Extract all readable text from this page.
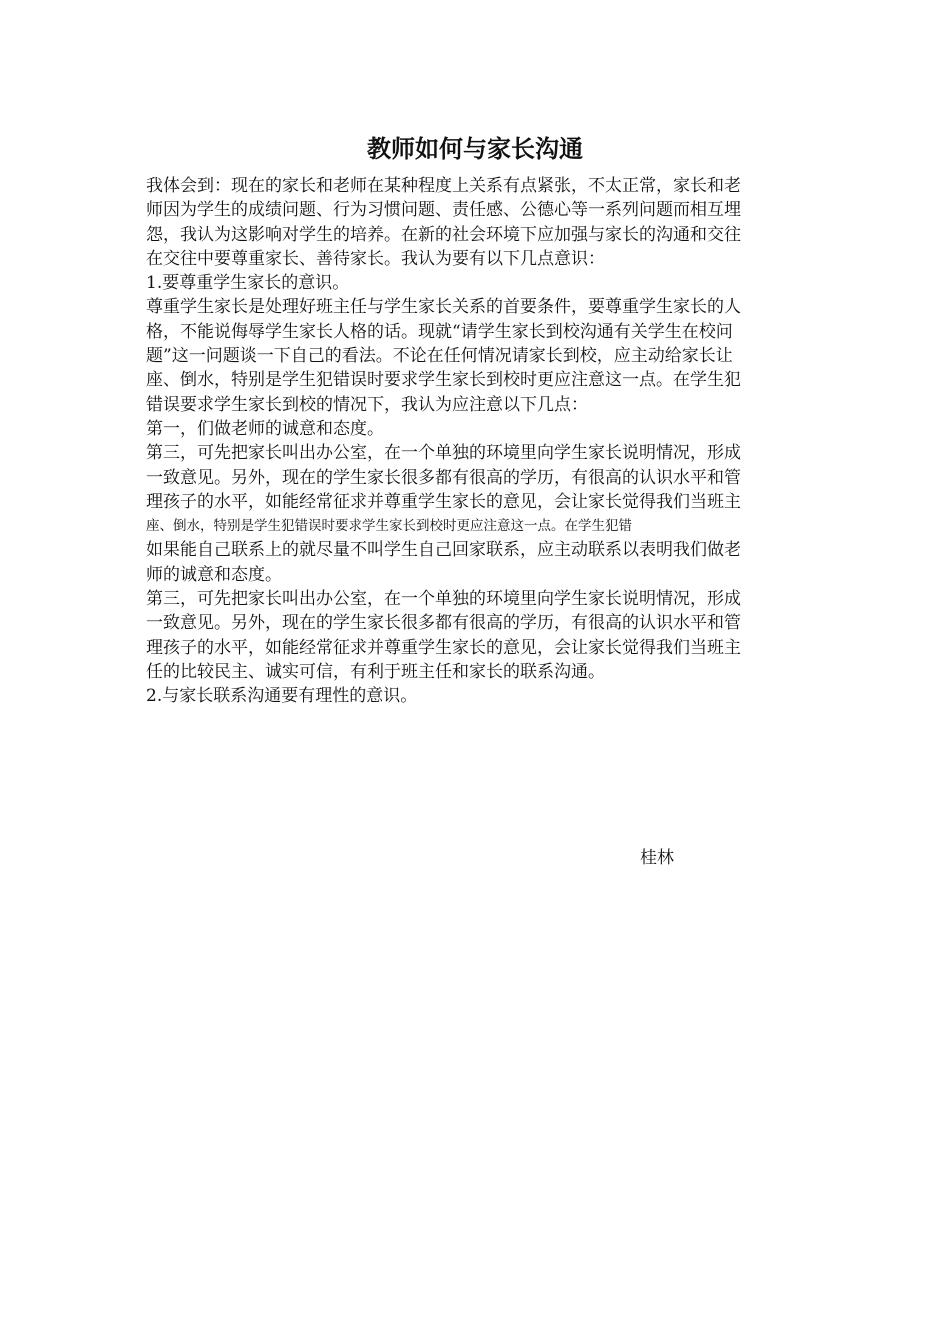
教师如何与家长沟通
我体会到：现在的家长和老师在某种程度上关系有点紧张，不太正常，家长和老
师因为学生的成绩问题、行为习惯问题、责任感、公德心等一系列问题而相互埋
怨，我认为这影响对学生的培养。在新的社会环境下应加强与家长的沟通和交往
在交往中要尊重家长、善待家长。我认为要有以下几点意识：
1.要尊重学生家长的意识。
尊重学生家长是处理好班主任与学生家长关系的首要条件，要尊重学生家长的人
格，不能说侮辱学生家长人格的话。现就“请学生家长到校沟通有关学生在校问
题”这一问题谈一下自己的看法。不论在任何情况请家长到校，应主动给家长让
座、倒水，特别是学生犯错误时要求学生家长到校时更应注意这一点。在学生犯
错误要求学生家长到校的情况下，我认为应注意以下几点：
第一，们做老师的诚意和态度。
第三，可先把家长叫出办公室，在一个单独的环境里向学生家长说明情况，形成
一致意见。另外，现在的学生家长很多都有很高的学历，有很高的认识水平和管
理孩子的水平，如能经常征求并尊重学生家长的意见，会让家长觉得我们当班主
座、倒水，特别是学生犯错误时要求学生家长到校时更应注意这一点。在学生犯错
如果能自己联系上的就尽量不叫学生自己回家联系，应主动联系以表明我们做老
师的诚意和态度。
第三，可先把家长叫出办公室，在一个单独的环境里向学生家长说明情况，形成
一致意见。另外，现在的学生家长很多都有很高的学历，有很高的认识水平和管
理孩子的水平，如能经常征求并尊重学生家长的意见，会让家长觉得我们当班主
任的比较民主、诚实可信，有利于班主任和家长的联系沟通。
2.与家长联系沟通要有理性的意识。
桂林
